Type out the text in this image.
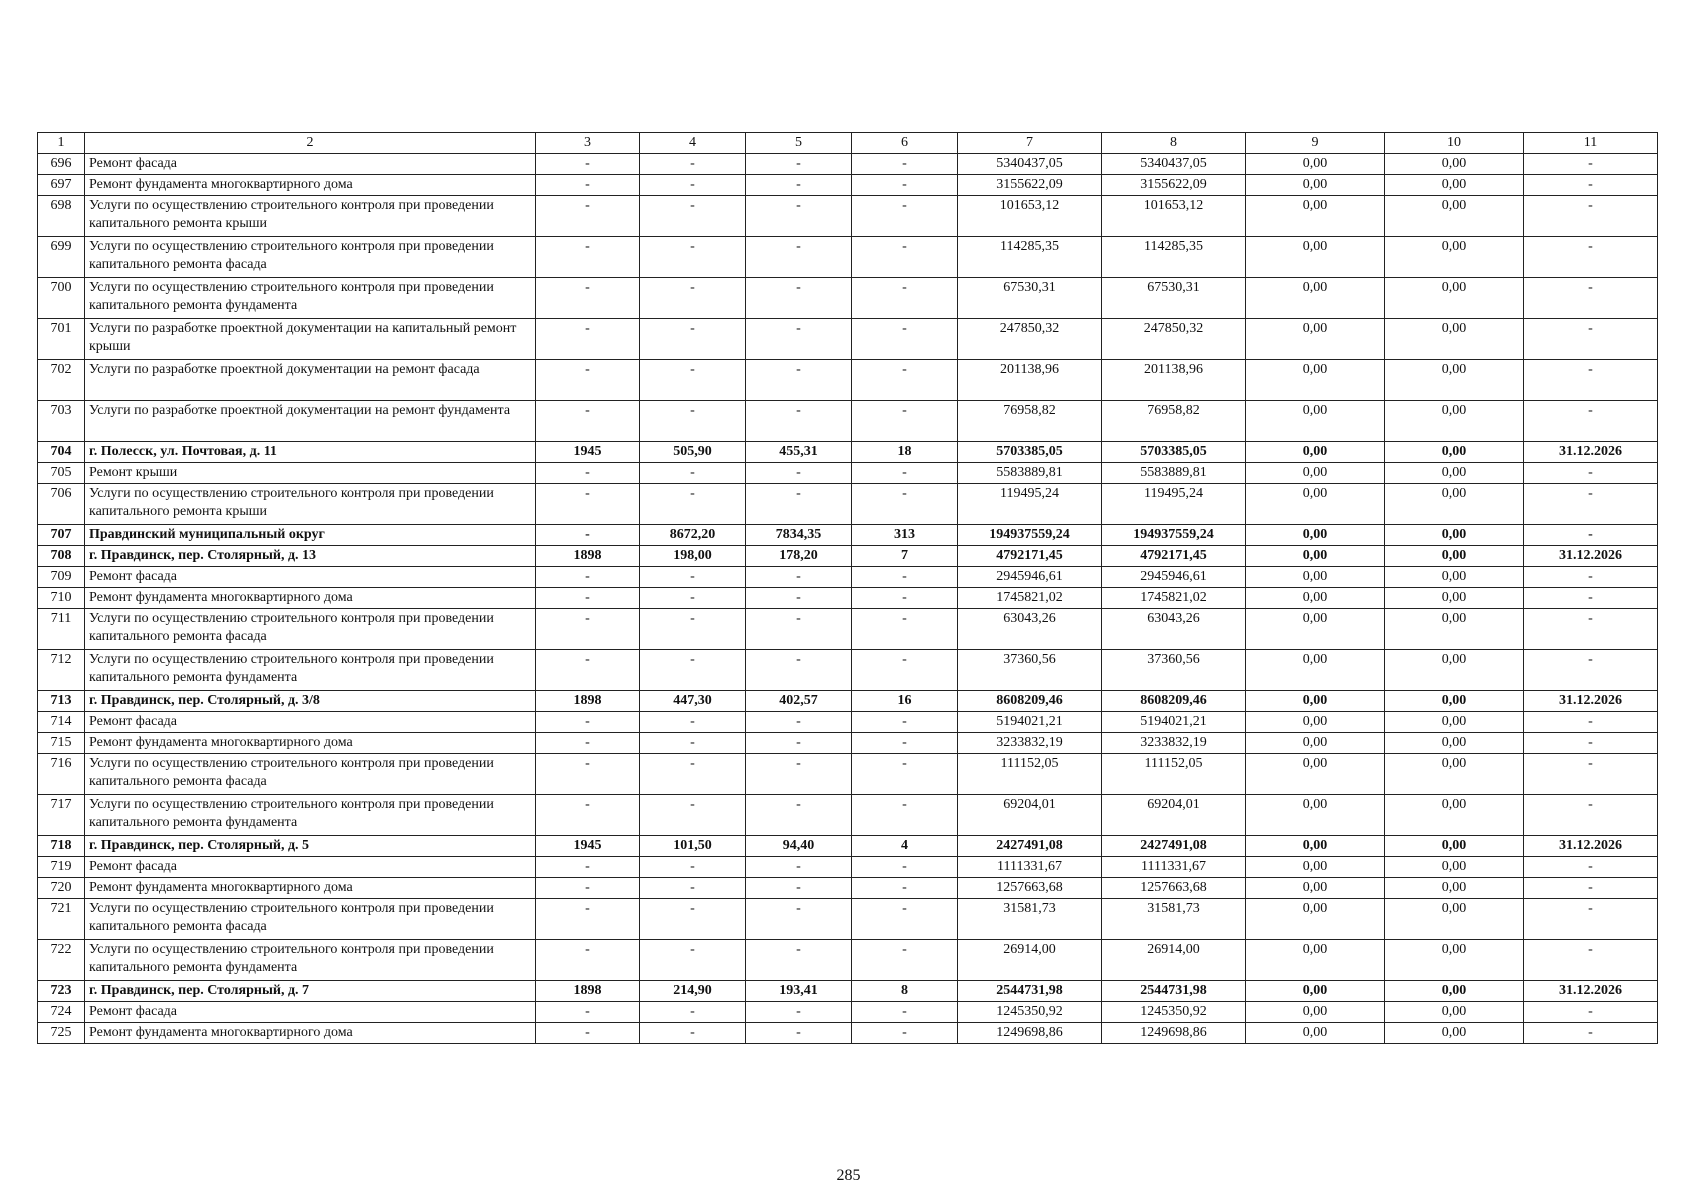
1	2	3	4	5	6	7	8	9	10	11
696	Ремонт фасада	-	-	-	-	5340437,05	5340437,05	0,00	0,00	-
697	Ремонт фундамента многоквартирного дома	-	-	-	-	3155622,09	3155622,09	0,00	0,00	-
698	Услуги по осуществлению строительного контроля при проведении капитального ремонта крыши	-	-	-	-	101653,12	101653,12	0,00	0,00	-
699	Услуги по осуществлению строительного контроля при проведении капитального ремонта фасада	-	-	-	-	114285,35	114285,35	0,00	0,00	-
700	Услуги по осуществлению строительного контроля при проведении капитального ремонта фундамента	-	-	-	-	67530,31	67530,31	0,00	0,00	-
701	Услуги по разработке проектной документации на капитальный ремонт крыши	-	-	-	-	247850,32	247850,32	0,00	0,00	-
702	Услуги по разработке проектной документации на ремонт фасада	-	-	-	-	201138,96	201138,96	0,00	0,00	-
703	Услуги по разработке проектной документации на ремонт фундамента	-	-	-	-	76958,82	76958,82	0,00	0,00	-
704	г. Полесск, ул. Почтовая, д. 11	1945	505,90	455,31	18	5703385,05	5703385,05	0,00	0,00	31.12.2026
705	Ремонт крыши	-	-	-	-	5583889,81	5583889,81	0,00	0,00	-
706	Услуги по осуществлению строительного контроля при проведении капитального ремонта крыши	-	-	-	-	119495,24	119495,24	0,00	0,00	-
707	Правдинский муниципальный округ	-	8672,20	7834,35	313	194937559,24	194937559,24	0,00	0,00	-
708	г. Правдинск, пер. Столярный, д. 13	1898	198,00	178,20	7	4792171,45	4792171,45	0,00	0,00	31.12.2026
709	Ремонт фасада	-	-	-	-	2945946,61	2945946,61	0,00	0,00	-
710	Ремонт фундамента многоквартирного дома	-	-	-	-	1745821,02	1745821,02	0,00	0,00	-
711	Услуги по осуществлению строительного контроля при проведении капитального ремонта фасада	-	-	-	-	63043,26	63043,26	0,00	0,00	-
712	Услуги по осуществлению строительного контроля при проведении капитального ремонта фундамента	-	-	-	-	37360,56	37360,56	0,00	0,00	-
713	г. Правдинск, пер. Столярный, д. 3/8	1898	447,30	402,57	16	8608209,46	8608209,46	0,00	0,00	31.12.2026
714	Ремонт фасада	-	-	-	-	5194021,21	5194021,21	0,00	0,00	-
715	Ремонт фундамента многоквартирного дома	-	-	-	-	3233832,19	3233832,19	0,00	0,00	-
716	Услуги по осуществлению строительного контроля при проведении капитального ремонта фасада	-	-	-	-	111152,05	111152,05	0,00	0,00	-
717	Услуги по осуществлению строительного контроля при проведении капитального ремонта фундамента	-	-	-	-	69204,01	69204,01	0,00	0,00	-
718	г. Правдинск, пер. Столярный, д. 5	1945	101,50	94,40	4	2427491,08	2427491,08	0,00	0,00	31.12.2026
719	Ремонт фасада	-	-	-	-	1111331,67	1111331,67	0,00	0,00	-
720	Ремонт фундамента многоквартирного дома	-	-	-	-	1257663,68	1257663,68	0,00	0,00	-
721	Услуги по осуществлению строительного контроля при проведении капитального ремонта фасада	-	-	-	-	31581,73	31581,73	0,00	0,00	-
722	Услуги по осуществлению строительного контроля при проведении капитального ремонта фундамента	-	-	-	-	26914,00	26914,00	0,00	0,00	-
723	г. Правдинск, пер. Столярный, д. 7	1898	214,90	193,41	8	2544731,98	2544731,98	0,00	0,00	31.12.2026
724	Ремонт фасада	-	-	-	-	1245350,92	1245350,92	0,00	0,00	-
725	Ремонт фундамента многоквартирного дома	-	-	-	-	1249698,86	1249698,86	0,00	0,00	-
285
